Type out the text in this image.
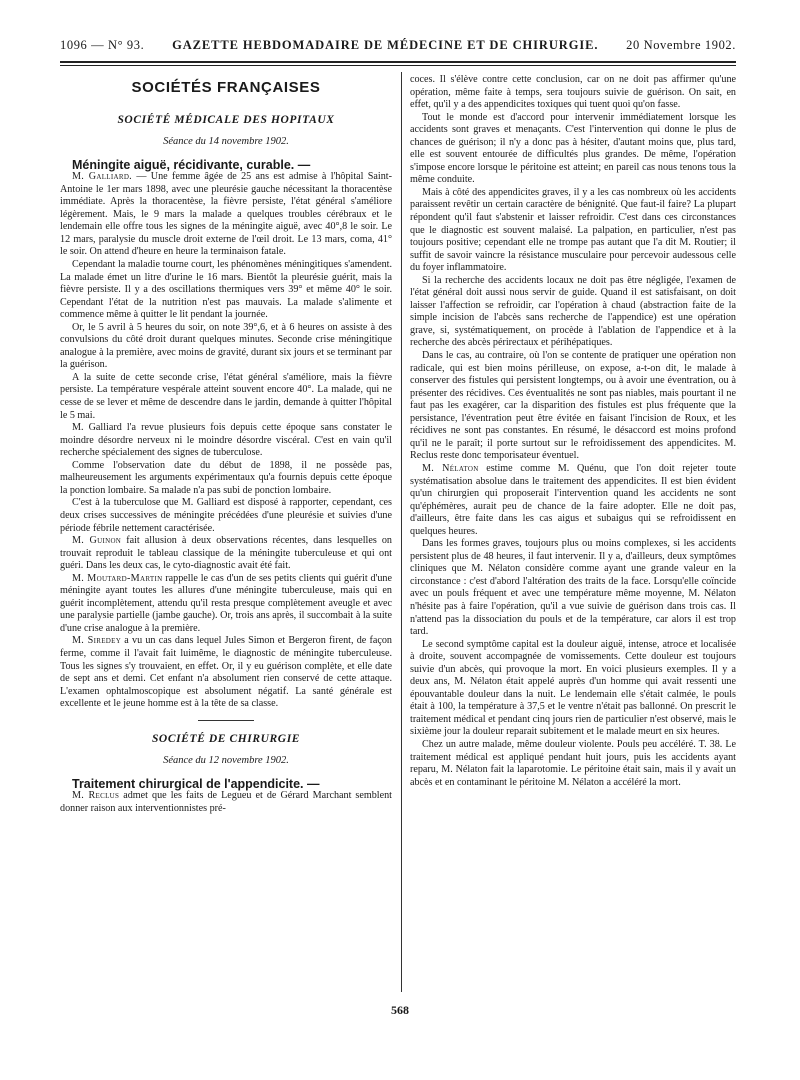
1096 — N° 93. GAZETTE HEBDOMADAIRE DE MÉDECINE ET DE CHIRURGIE. 20 Novembre 1902.
SOCIÉTÉS FRANÇAISES
SOCIÉTÉ MÉDICALE DES HOPITAUX
Séance du 14 novembre 1902.

Méningite aiguë, récidivante, curable. —

M. Galliard. — Une femme âgée de 25 ans est admise à l'hôpital Saint-Antoine le 1er mars 1898, avec une pleurésie gauche nécessitant la thoracentèse immédiate. Après la thoracentèse, la fièvre persiste, l'état général s'améliore légèrement. Mais, le 9 mars la malade a quelques troubles cérébraux et le lendemain elle offre tous les signes de la méningite aiguë, avec 40°,8 le soir. Le 12 mars, paralysie du muscle droit externe de l'œil droit. Le 13 mars, coma, 41° le soir. On attend d'heure en heure la terminaison fatale.

Cependant la maladie tourne court, les phénomènes méningitiques s'amendent. La malade émet un litre d'urine le 16 mars. Bientôt la pleurésie guérit, mais la fièvre persiste. Il y a des oscillations thermiques vers 39° et même 40° le soir. Cependant l'état de la nutrition n'est pas mauvais. La malade s'alimente et commence même à quitter le lit pendant la journée.

Or, le 5 avril à 5 heures du soir, on note 39°,6, et à 6 heures on assiste à des convulsions du côté droit durant quelques minutes. Seconde crise méningitique analogue à la première, avec moins de gravité, durant six jours et se terminant par la guérison.

A la suite de cette seconde crise, l'état général s'améliore, mais la fièvre persiste. La température vespérale atteint souvent encore 40°. La malade, qui ne cesse de se lever et même de descendre dans le jardin, demande à quitter l'hôpital le 5 mai.

M. Galliard l'a revue plusieurs fois depuis cette époque sans constater le moindre désordre nerveux ni le moindre désordre viscéral. C'est en vain qu'il recherche spécialement des signes de tuberculose.

Comme l'observation date du début de 1898, il ne possède pas, malheureusement les arguments expérimentaux qu'a fournis depuis cette époque la ponction lombaire. Sa malade n'a pas subi de ponction lombaire.

C'est à la tuberculose que M. Galliard est disposé à rapporter, cependant, ces deux crises successives de méningite précédées d'une pleurésie et suivies d'une période fébrile nettement caractérisée.

M. Guinon fait allusion à deux observations récentes, dans lesquelles on trouvait reproduit le tableau classique de la méningite tuberculeuse et qui ont guéri. Dans les deux cas, le cyto-diagnostic avait été fait.

M. Moutard-Martin rappelle le cas d'un de ses petits clients qui guérit d'une méningite ayant toutes les allures d'une méningite tuberculeuse, mais qui en guérit incomplètement, attendu qu'il resta presque complètement aveugle et avec une paralysie partielle (jambe gauche). Or, trois ans après, il succombait à la suite d'une crise analogue à la première.

M. Siredey a vu un cas dans lequel Jules Simon et Bergeron firent, de façon ferme, comme il l'avait fait luimême, le diagnostic de méningite tuberculeuse. Tous les signes s'y trouvaient, en effet. Or, il y eu guérison complète, et elle date de sept ans et demi. Cet enfant n'a absolument rien conservé de cette attaque. L'examen ophtalmoscopique est absolument négatif. La santé générale est excellente et le jeune homme est à la tête de sa classe.

SOCIÉTÉ DE CHIRURGIE
Séance du 12 novembre 1902.

Traitement chirurgical de l'appendicite. —

M. Reclus admet que les faits de Legueu et de Gérard Marchant semblent donner raison aux interventionnistes pré-

coces. Il s'élève contre cette conclusion, car on ne doit pas affirmer qu'une opération, même faite à temps, sera toujours suivie de guérison. On sait, en effet, qu'il y a des appendicites toxiques qui tuent quoi qu'on fasse.

Tout le monde est d'accord pour intervenir immédiatement lorsque les accidents sont graves et menaçants. C'est l'intervention qui donne le plus de chances de guérison; il n'y a donc pas à hésiter, d'autant moins que, plus tard, elle est souvent entourée de difficultés plus grandes. De même, l'opération s'impose encore lorsque le péritoine est atteint; en pareil cas nous tenons tous la même conduite.

Mais à côté des appendicites graves, il y a les cas nombreux où les accidents paraissent revêtir un certain caractère de bénignité. Que faut-il faire? La plupart répondent qu'il faut s'abstenir et laisser refroidir. C'est dans ces circonstances que le diagnostic est souvent malaisé. La palpation, en particulier, n'est pas toujours positive; cependant elle ne trompe pas autant que l'a dit M. Routier; il suffit de savoir vaincre la résistance musculaire pour percevoir audessous celle du foyer inflammatoire.

Si la recherche des accidents locaux ne doit pas être négligée, l'examen de l'état général doit aussi nous servir de guide. Quand il est satisfaisant, on doit laisser l'affection se refroidir, car l'opération à chaud (abstraction faite de la simple incision de l'abcès sans recherche de l'appendice) est une opération grave, si, systématiquement, on procède à l'ablation de l'appendice et à la recherche des abcès périrectaux et périhépatiques.

Dans le cas, au contraire, où l'on se contente de pratiquer une opération non radicale, qui est bien moins périlleuse, on expose, a-t-on dit, le malade à conserver des fistules qui persistent longtemps, ou à avoir une éventration, ou à présenter des récidives. Ces éventualités ne sont pas niables, mais pourtant il ne faut pas les exagérer, car la disparition des fistules est plus fréquente que la persistance, l'éventration peut être évitée en faisant l'incision de Roux, et les récidives ne sont pas constantes. En résumé, le désaccord est moins profond qu'il ne le paraît; il porte surtout sur le refroidissement des appendicites. M. Reclus reste donc temporisateur éventuel.

M. Nélaton estime comme M. Quénu, que l'on doit rejeter toute systématisation absolue dans le traitement des appendicites. Il est bien évident qu'un chirurgien qui proposerait l'intervention quand les accidents ne sont qu'éphémères, aurait peu de chance de la faire adopter. Elle ne doit pas, d'ailleurs, être faite dans les cas aigus et subaigus qui se refroidissent en quelques heures.

Dans les formes graves, toujours plus ou moins complexes, si les accidents persistent plus de 48 heures, il faut intervenir. Il y a, d'ailleurs, deux symptômes cliniques que M. Nélaton considère comme ayant une grande valeur en la circonstance : c'est d'abord l'altération des traits de la face. Lorsqu'elle coïncide avec un pouls fréquent et avec une température même moyenne, M. Nélaton n'hésite pas à faire l'opération, qu'il a vue suivie de guérison dans trois cas. Il n'attend pas la dissociation du pouls et de la température, car alors il est trop tard.

Le second symptôme capital est la douleur aiguë, intense, atroce et localisée à droite, souvent accompagnée de vomissements. Cette douleur est toujours suivie d'un abcès, qui provoque la mort. En voici plusieurs exemples. Il y a deux ans, M. Nélaton était appelé auprès d'un homme qui avait ressenti une épouvantable douleur dans la nuit. Le lendemain elle s'était calmée, le pouls était à 100, la température à 37,5 et le ventre n'était pas ballonné. On prescrit le traitement médical et pendant cinq jours rien de particulier n'est observé, mais le sixième jour la douleur reparait subitement et le malade meurt en six heures.

Chez un autre malade, même douleur violente. Pouls peu accéléré. T. 38. Le traitement médical est appliqué pendant huit jours, puis les accidents ayant reparu, M. Nélaton fait la laparotomie. Le péritoine était sain, mais il y avait un abcès et en contaminant le péritoine M. Nélaton a accéléré la mort.

568
